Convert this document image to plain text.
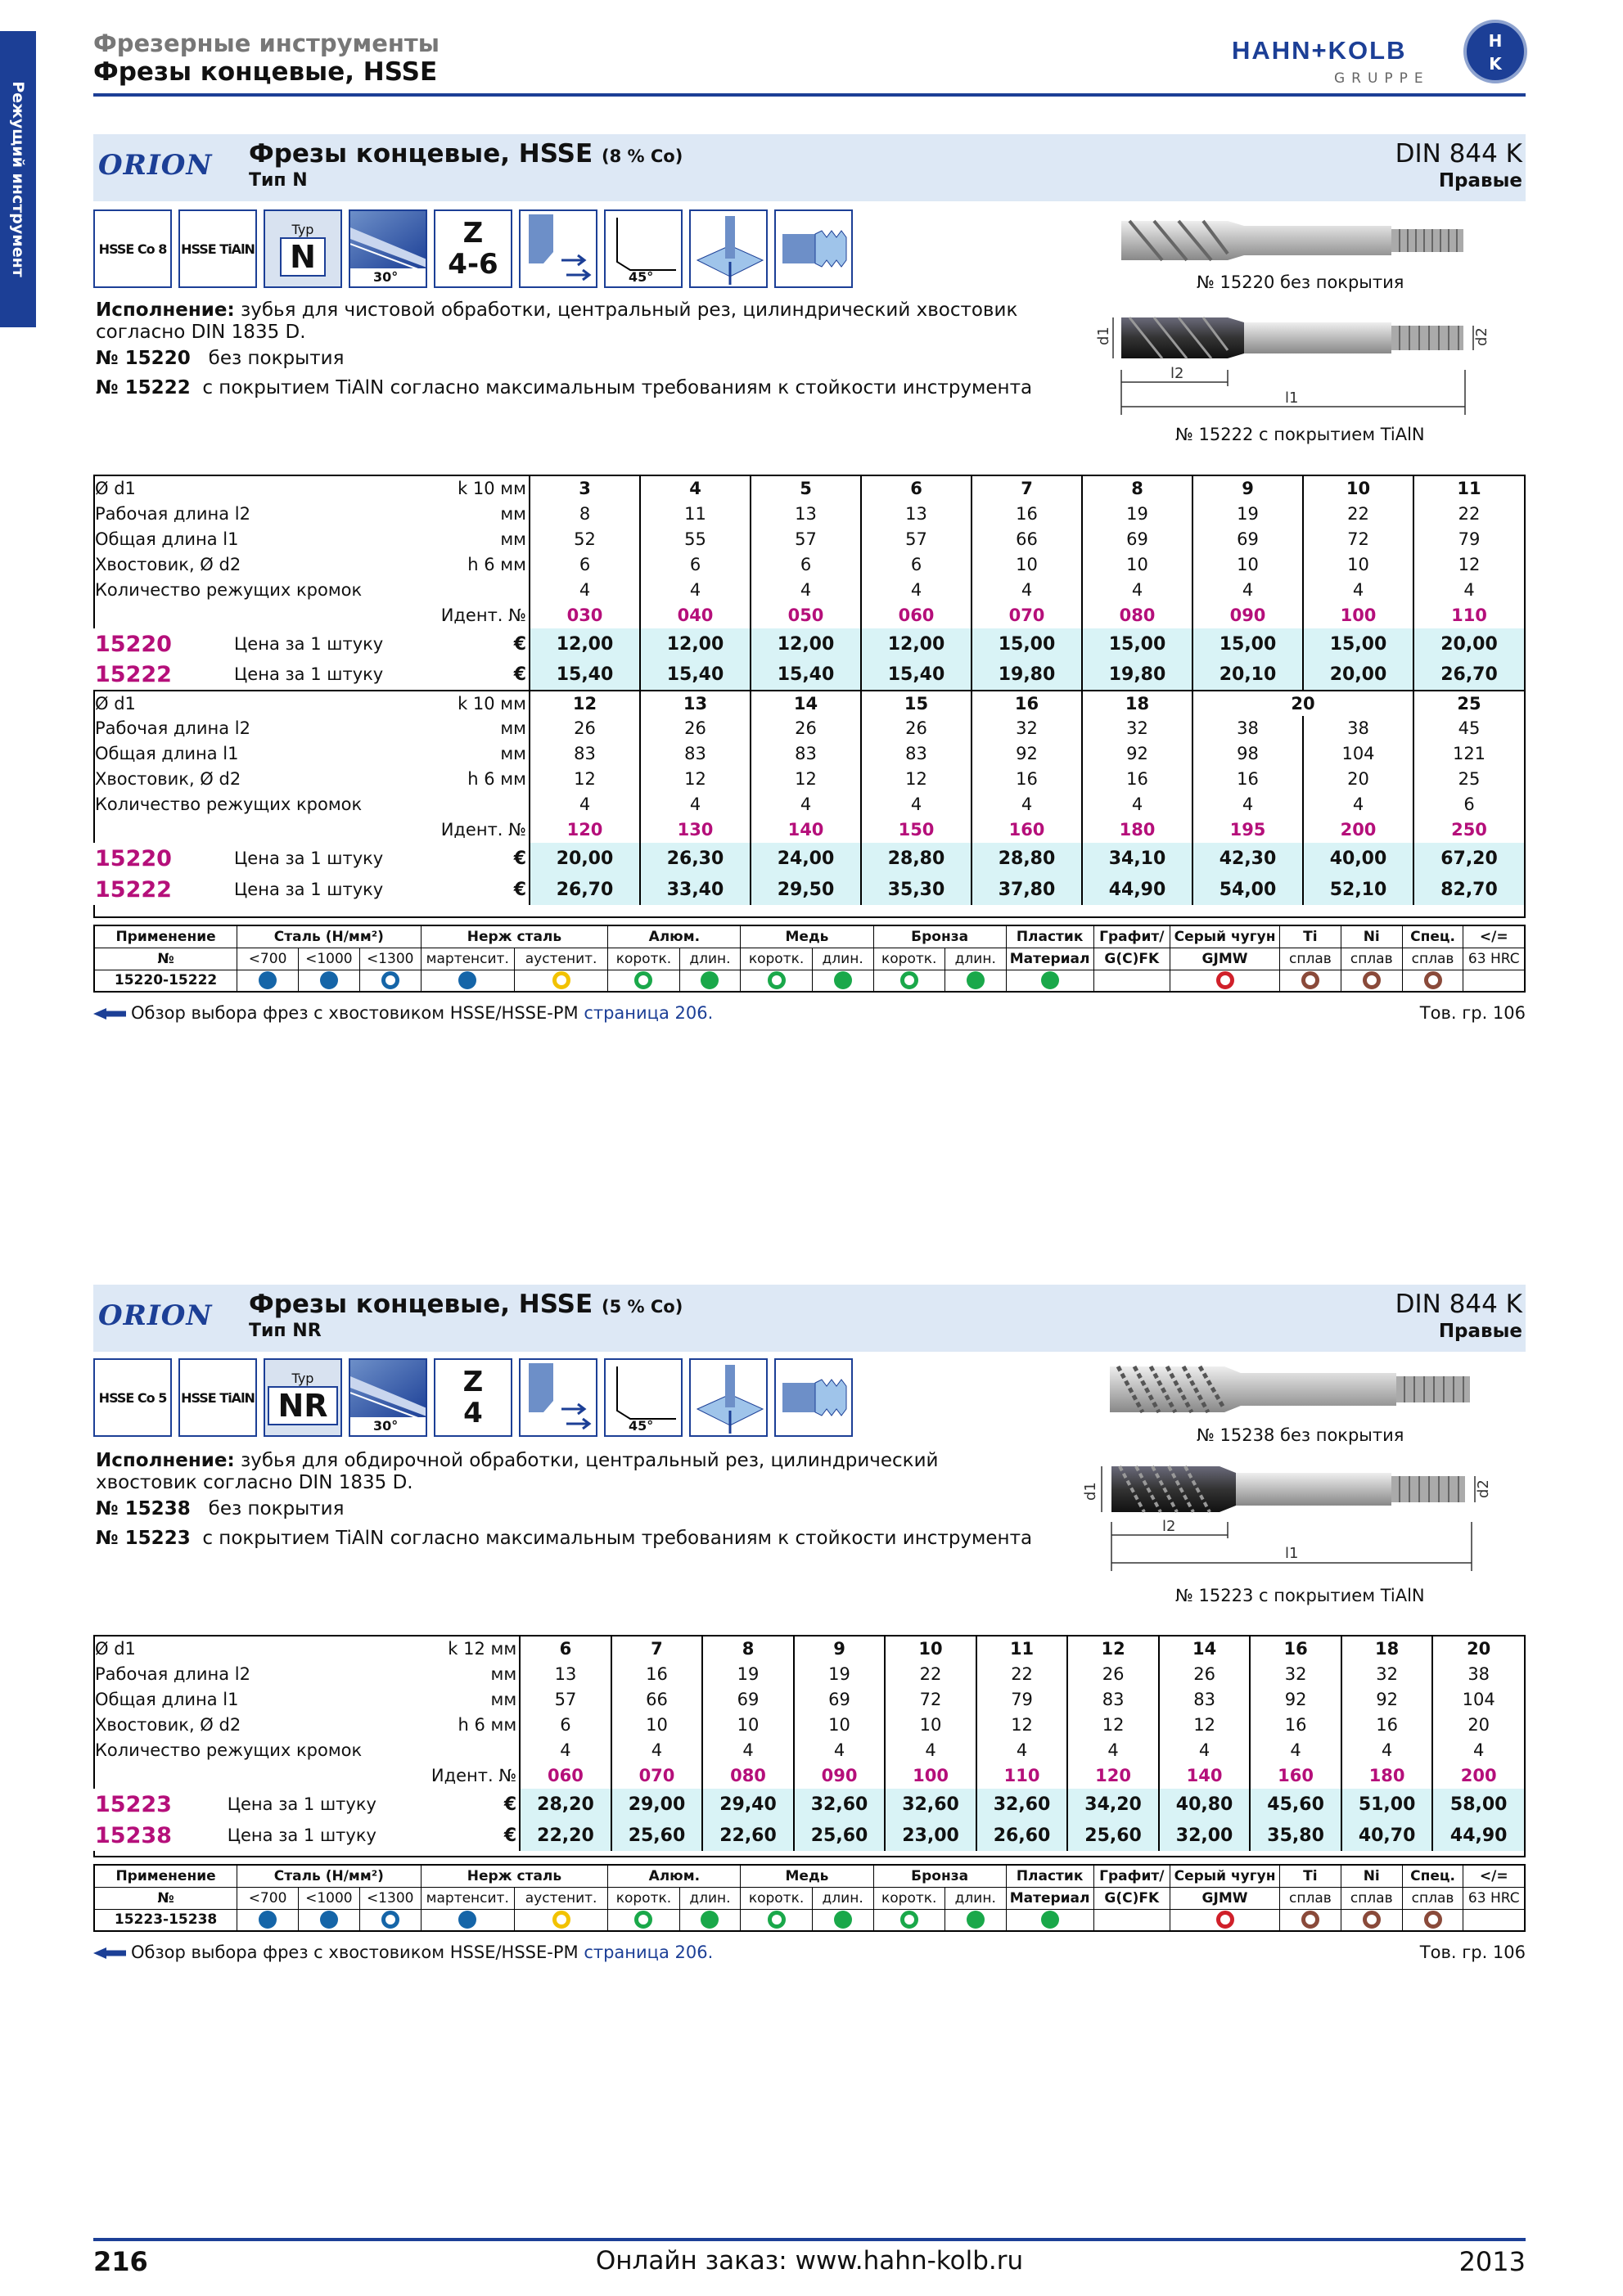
Режущий инструмент
Фрезерные инструменты
Фрезы концевые, HSSE
HAHN+KOLB
GRUPPE
H
K
ORION Фрезы концевые, HSSE (8 % Co)
Тип N
DIN 844 K
Правые
HSSE Co 8	HSSE TiAlN
Typ
N
30°
Z
4-6	45°
Исполнение: зубья для чистовой обработки, центральный рез, цилиндрический хвостовик согласно DIN 1835 D.
№ 15220 без покрытия
№ 15222 с покрытием TiAlN согласно максимальным требованиям к стойкости инструмента
№ 15220 без покрытия
d1	d2
l2
l1
№ 15222 с покрытием TiAlN
Ø d1		k 10 мм	3	4	5	6	7	8	9	10	11
Рабочая длина l2		мм	8	11	13	13	16	19	19	22	22
Общая длина l1		мм	52	55	57	57	66	69	69	72	79
Хвостовик, Ø d2		h 6 мм	6	6	6	6	10	10	10	10	12
Количество режущих кромок			4	4	4	4	4	4	4	4	4
		Идент. №	030	040	050	060	070	080	090	100	110
15220	Цена за 1 штуку	€	12,00	12,00	12,00	12,00	15,00	15,00	15,00	15,00	20,00
15222	Цена за 1 штуку	€	15,40	15,40	15,40	15,40	19,80	19,80	20,10	20,00	26,70
Ø d1		k 10 мм	12	13	14	15	16	18	20		25
Рабочая длина l2		мм	26	26	26	26	32	32	38	38	45
Общая длина l1		мм	83	83	83	83	92	92	98	104	121
Хвостовик, Ø d2		h 6 мм	12	12	12	12	16	16	16	20	25
Количество режущих кромок			4	4	4	4	4	4	4	4	6
		Идент. №	120	130	140	150	160	180	195	200	250
15220	Цена за 1 штуку	€	20,00	26,30	24,00	28,80	28,80	34,10	42,30	40,00	67,20
15222	Цена за 1 штуку	€	26,70	33,40	29,50	35,30	37,80	44,90	54,00	52,10	82,70
Применение	Сталь (Н/мм²)			Нерж сталь		Алюм.		Медь		Бронза		Пластик	Графит/	Серый чугун	Ti	Ni	Спец.	</=
№	<700	<1000	<1300	мартенсит.	аустенит.	коротк.	длин.	коротк.	длин.	коротк.	длин.	Материал	G(C)FK	GJMW	сплав	сплав	сплав	63 HRC
15220-15222																		
Обзор выбора фрез с хвостовиком HSSE/HSSE-PM страница 206.	Тов. гр. 106
ORION Фрезы концевые, HSSE (5 % Co)
Тип NR
DIN 844 K
Правые
HSSE Co 5	HSSE TiAlN
Typ
NR
30°
Z
4	45°
Исполнение: зубья для обдирочной обработки, центральный рез, цилиндрический хвостовик согласно DIN 1835 D.
№ 15238 без покрытия
№ 15223 с покрытием TiAlN согласно максимальным требованиям к стойкости инструмента
№ 15238 без покрытия
d1	d2
l2
l1
№ 15223 с покрытием TiAlN
Ø d1		k 12 мм	6	7	8	9	10	11	12	14	16	18	20
Рабочая длина l2		мм	13	16	19	19	22	22	26	26	32	32	38
Общая длина l1		мм	57	66	69	69	72	79	83	83	92	92	104
Хвостовик, Ø d2		h 6 мм	6	10	10	10	10	12	12	12	16	16	20
Количество режущих кромок			4	4	4	4	4	4	4	4	4	4	4
		Идент. №	060	070	080	090	100	110	120	140	160	180	200
15223	Цена за 1 штуку	€	28,20	29,00	29,40	32,60	32,60	32,60	34,20	40,80	45,60	51,00	58,00
15238	Цена за 1 штуку	€	22,20	25,60	22,60	25,60	23,00	26,60	25,60	32,00	35,80	40,70	44,90
Применение	Сталь (Н/мм²)			Нерж сталь		Алюм.		Медь		Бронза		Пластик	Графит/	Серый чугун	Ti	Ni	Спец.	</=
№	<700	<1000	<1300	мартенсит.	аустенит.	коротк.	длин.	коротк.	длин.	коротк.	длин.	Материал	G(C)FK	GJMW	сплав	сплав	сплав	63 HRC
15223-15238																		
Обзор выбора фрез с хвостовиком HSSE/HSSE-PM страница 206.	Тов. гр. 106
216	Онлайн заказ: www.hahn-kolb.ru	2013
